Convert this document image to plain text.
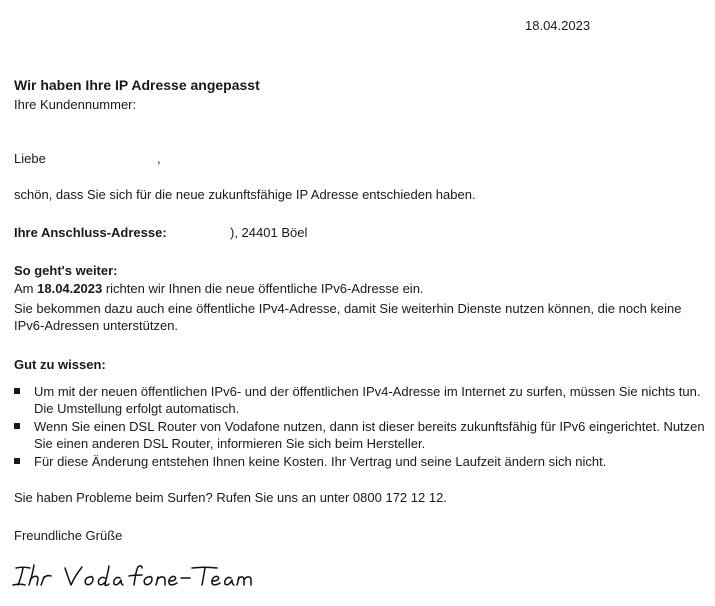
18.04.2023
Wir haben Ihre IP Adresse angepasst
Ihre Kundennummer:
Liebe	,
schön, dass Sie sich für die neue zukunftsfähige IP Adresse entschieden haben.
Ihre Anschluss-Adresse:	), 24401 Böel
So geht's weiter:
Am 18.04.2023 richten wir Ihnen die neue öffentliche IPv6-Adresse ein.
Sie bekommen dazu auch eine öffentliche IPv4-Adresse, damit Sie weiterhin Dienste nutzen können, die noch keine IPv6-Adressen unterstützen.
Gut zu wissen:
Um mit der neuen öffentlichen IPv6- und der öffentlichen IPv4-Adresse im Internet zu surfen, müssen Sie nichts tun. Die Umstellung erfolgt automatisch.
Wenn Sie einen DSL Router von Vodafone nutzen, dann ist dieser bereits zukunftsfähig für IPv6 eingerichtet. Nutzen Sie einen anderen DSL Router, informieren Sie sich beim Hersteller.
Für diese Änderung entstehen Ihnen keine Kosten. Ihr Vertrag und seine Laufzeit ändern sich nicht.
Sie haben Probleme beim Surfen? Rufen Sie uns an unter 0800 172 12 12.
Freundliche Grüße
